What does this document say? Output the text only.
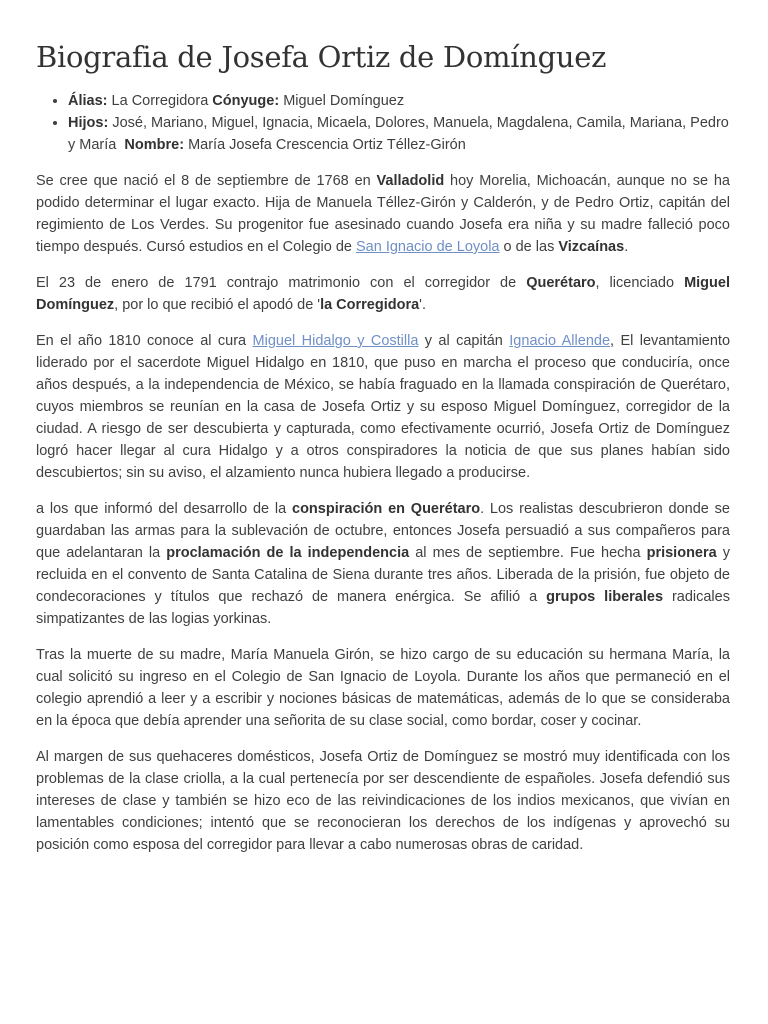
Biografia de Josefa Ortiz de Domínguez
• Álias: La Corregidora Cónyuge: Miguel Domínguez
• Hijos: José, Mariano, Miguel, Ignacia, Micaela, Dolores, Manuela, Magdalena, Camila, Mariana, Pedro y María Nombre: María Josefa Crescencia Ortiz Téllez-Girón

Se cree que nació el 8 de septiembre de 1768 en Valladolid hoy Morelia, Michoacán, aunque no se ha podido determinar el lugar exacto. Hija de Manuela Téllez-Girón y Calderón, y de Pedro Ortiz, capitán del regimiento de Los Verdes. Su progenitor fue asesinado cuando Josefa era niña y su madre falleció poco tiempo después. Cursó estudios en el Colegio de San Ignacio de Loyola o de las Vizcaínas.

El 23 de enero de 1791 contrajo matrimonio con el corregidor de Querétaro, licenciado Miguel Domínguez, por lo que recibió el apodó de 'la Corregidora'.

En el año 1810 conoce al cura Miguel Hidalgo y Costilla y al capitán Ignacio Allende, El levantamiento liderado por el sacerdote Miguel Hidalgo en 1810, que puso en marcha el proceso que conduciría, once años después, a la independencia de México, se había fraguado en la llamada conspiración de Querétaro, cuyos miembros se reunían en la casa de Josefa Ortiz y su esposo Miguel Domínguez, corregidor de la ciudad. A riesgo de ser descubierta y capturada, como efectivamente ocurrió, Josefa Ortiz de Domínguez logró hacer llegar al cura Hidalgo y a otros conspiradores la noticia de que sus planes habían sido descubiertos; sin su aviso, el alzamiento nunca hubiera llegado a producirse.

a los que informó del desarrollo de la conspiración en Querétaro. Los realistas descubrieron donde se guardaban las armas para la sublevación de octubre, entonces Josefa persuadió a sus compañeros para que adelantaran la proclamación de la independencia al mes de septiembre. Fue hecha prisionera y recluida en el convento de Santa Catalina de Siena durante tres años. Liberada de la prisión, fue objeto de condecoraciones y títulos que rechazó de manera enérgica. Se afilió a grupos liberales radicales simpatizantes de las logias yorkinas.

Tras la muerte de su madre, María Manuela Girón, se hizo cargo de su educación su hermana María, la cual solicitó su ingreso en el Colegio de San Ignacio de Loyola. Durante los años que permaneció en el colegio aprendió a leer y a escribir y nociones básicas de matemáticas, además de lo que se consideraba en la época que debía aprender una señorita de su clase social, como bordar, coser y cocinar.

Al margen de sus quehaceres domésticos, Josefa Ortiz de Domínguez se mostró muy identificada con los problemas de la clase criolla, a la cual pertenecía por ser descendiente de españoles. Josefa defendió sus intereses de clase y también se hizo eco de las reivindicaciones de los indios mexicanos, que vivían en lamentables condiciones; intentó que se reconocieran los derechos de los indígenas y aprovechó su posición como esposa del corregidor para llevar a cabo numerosas obras de caridad.
